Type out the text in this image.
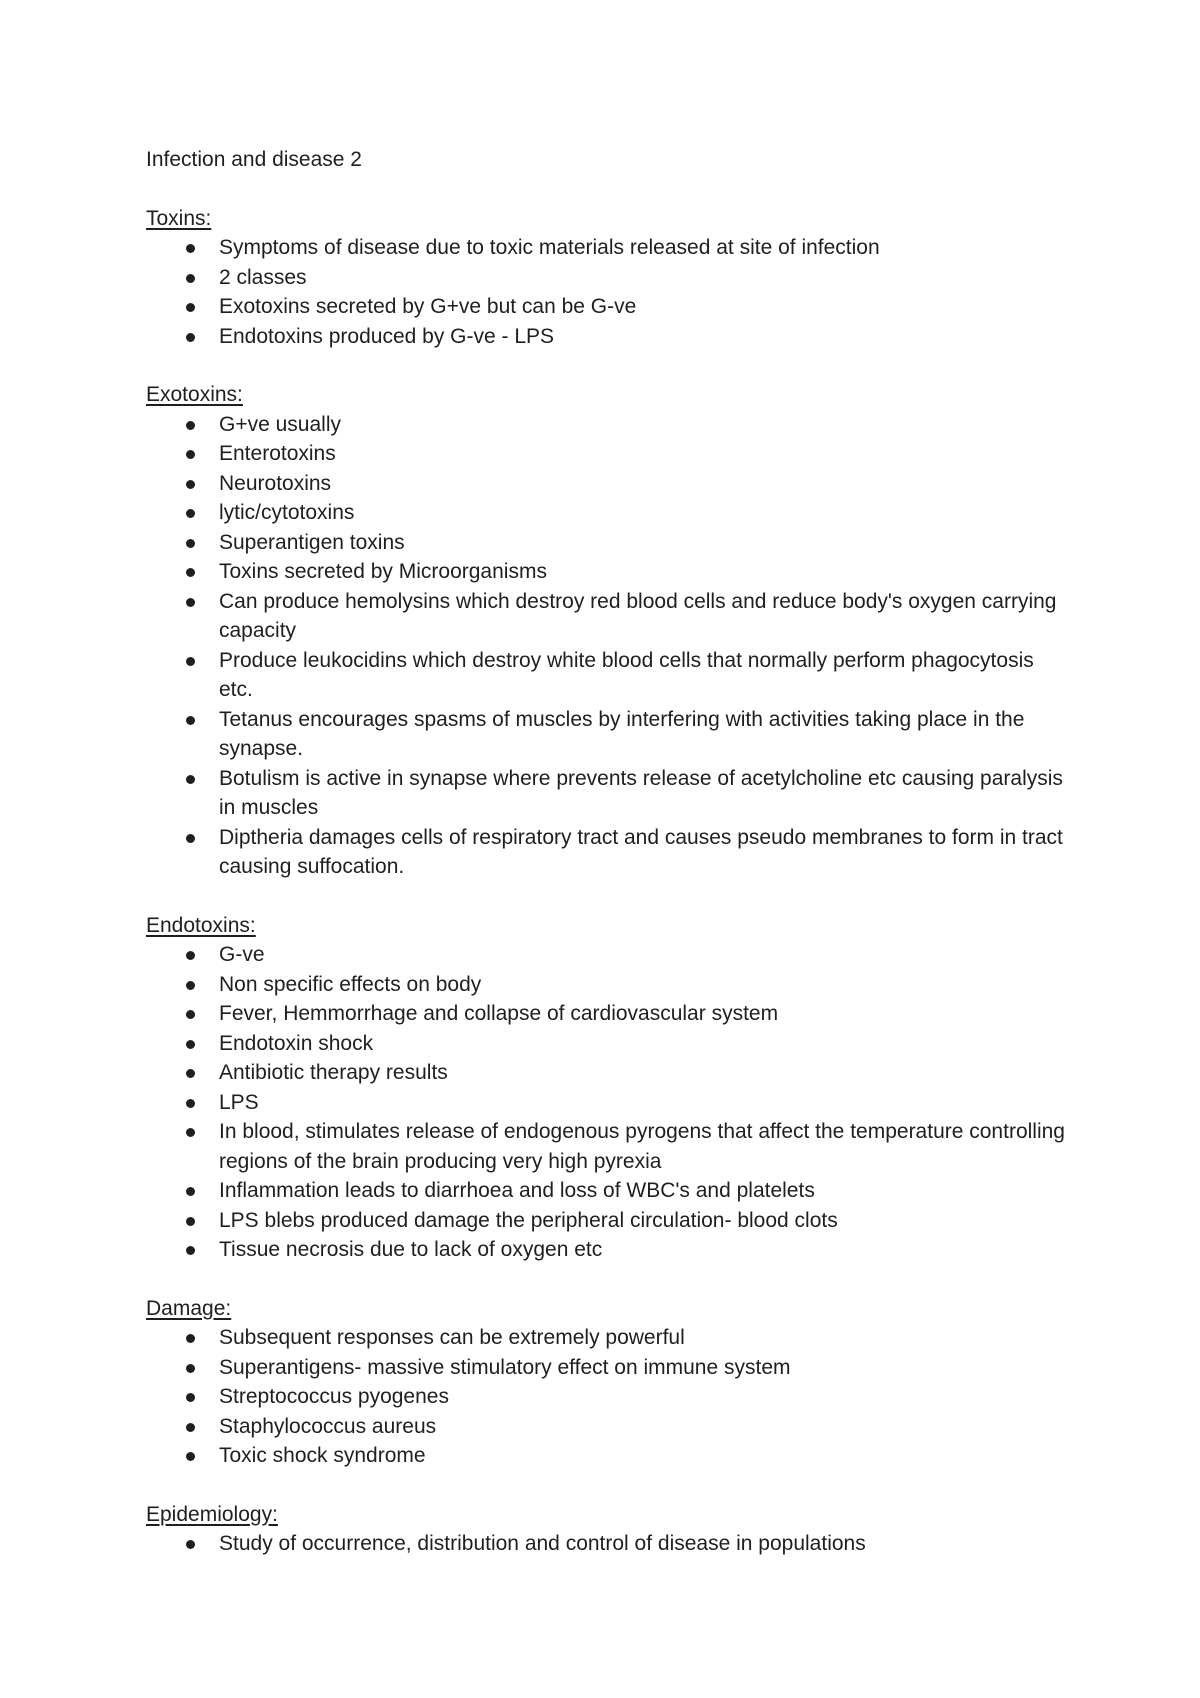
Infection and disease 2

Toxins:

Symptoms of disease due to toxic materials released at site of infection
2 classes
Exotoxins secreted by G+ve but can be G-ve
Endotoxins produced by G-ve - LPS

Exotoxins:

G+ve usually
Enterotoxins
Neurotoxins
lytic/cytotoxins
Superantigen toxins
Toxins secreted by Microorganisms
Can produce hemolysins which destroy red blood cells and reduce body's oxygen carrying capacity
Produce leukocidins which destroy white blood cells that normally perform phagocytosis etc.
Tetanus encourages spasms of muscles by interfering with activities taking place in the synapse.
Botulism is active in synapse where prevents release of acetylcholine etc causing paralysis in muscles
Diptheria damages cells of respiratory tract and causes pseudo membranes to form in tract causing suffocation.

Endotoxins:

G-ve
Non specific effects on body
Fever, Hemmorrhage and collapse of cardiovascular system
Endotoxin shock
Antibiotic therapy results
LPS
In blood, stimulates release of endogenous pyrogens that affect the temperature controlling regions of the brain producing very high pyrexia
Inflammation leads to diarrhoea and loss of WBC's and platelets
LPS blebs produced damage the peripheral circulation- blood clots
Tissue necrosis due to lack of oxygen etc

Damage:

Subsequent responses can be extremely powerful
Superantigens- massive stimulatory effect on immune system
Streptococcus pyogenes
Staphylococcus aureus
Toxic shock syndrome

Epidemiology:

Study of occurrence, distribution and control of disease in populations
